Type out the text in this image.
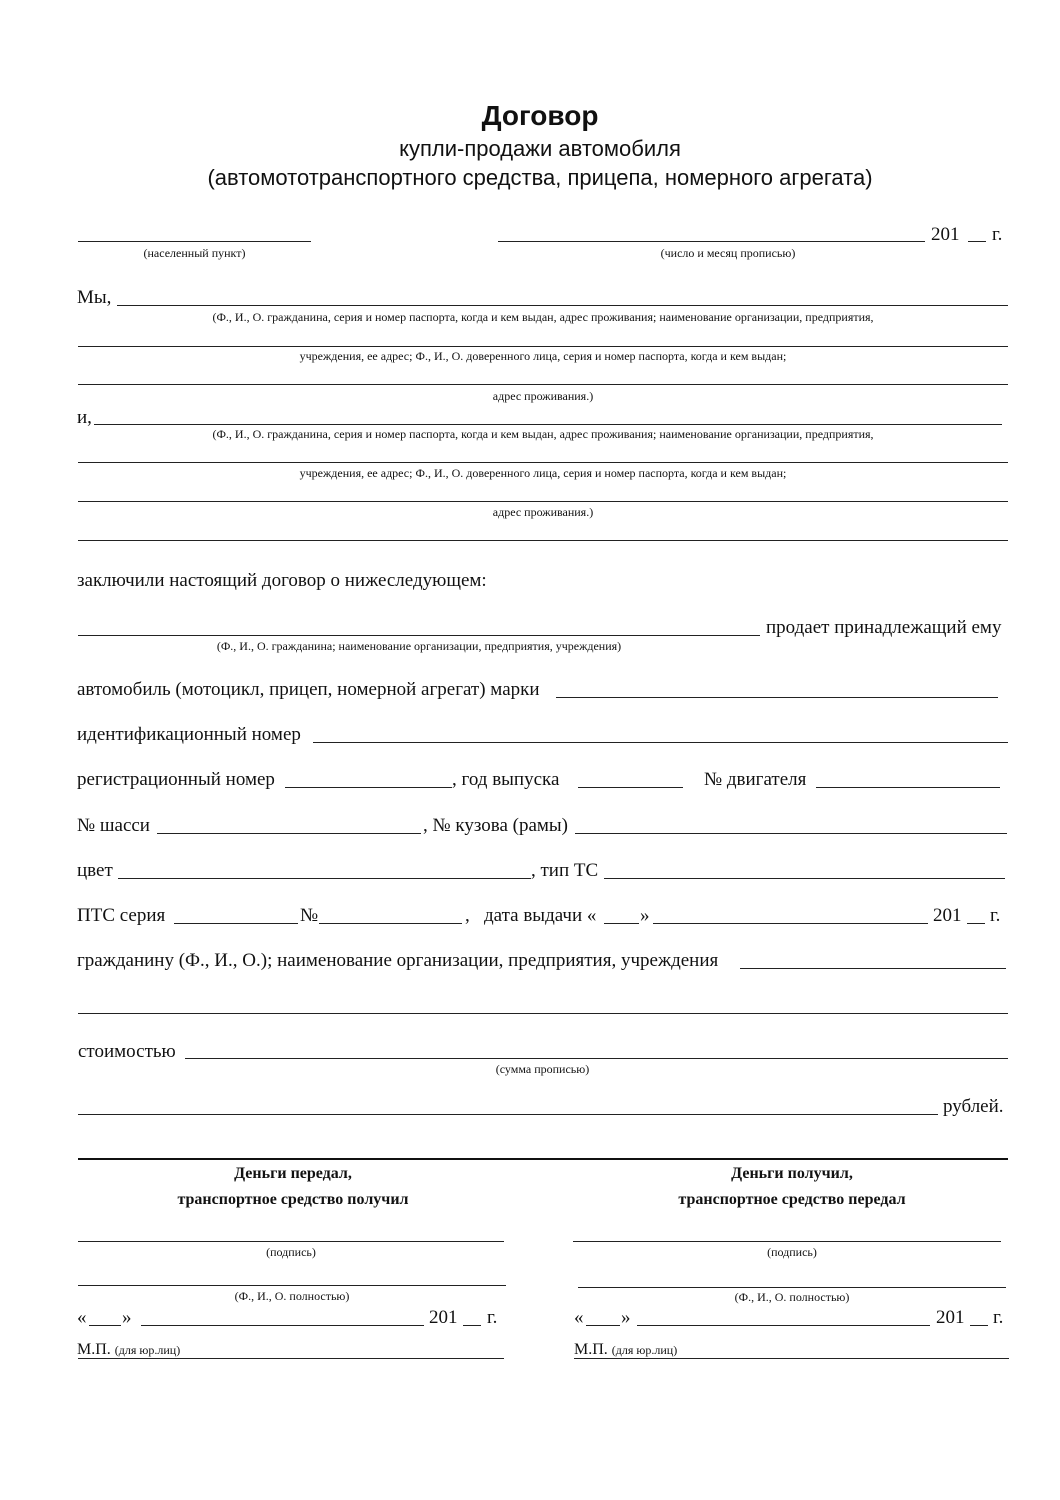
Договор
купли-продажи автомобиля
(автомототранспортного средства, прицепа, номерного агрегата)
(населенный пункт)
201 г.
(число и месяц прописью)
Мы,
(Ф., И., О. гражданина, серия и номер паспорта, когда и кем выдан, адрес проживания; наименование организации, предприятия,
учреждения, ее адрес; Ф., И., О. доверенного лица, серия и номер паспорта, когда и кем выдан;
адрес проживания.)
и,
(Ф., И., О. гражданина, серия и номер паспорта, когда и кем выдан, адрес проживания; наименование организации, предприятия,
учреждения, ее адрес; Ф., И., О. доверенного лица, серия и номер паспорта, когда и кем выдан;
адрес проживания.)
заключили настоящий договор о нижеследующем:
продает принадлежащий ему
(Ф., И., О. гражданина; наименование организации, предприятия, учреждения)
автомобиль (мотоцикл, прицеп, номерной агрегат) марки
идентификационный номер
регистрационный номер	, год выпуска	№ двигателя
№ шасси	, № кузова (рамы)
цвет	, тип ТС
ПТС серия	№	, дата выдачи « »	201 г.
гражданину (Ф., И., О.); наименование организации, предприятия, учреждения
стоимостью
(сумма прописью)
рублей.
Деньги передал,
транспортное средство получил
(подпись)
(Ф., И., О. полностью)
« »	201 г.
М.П. (для юр.лиц)
Деньги получил,
транспортное средство передал
(подпись)
(Ф., И., О. полностью)
« »	201 г.
М.П. (для юр.лиц)
